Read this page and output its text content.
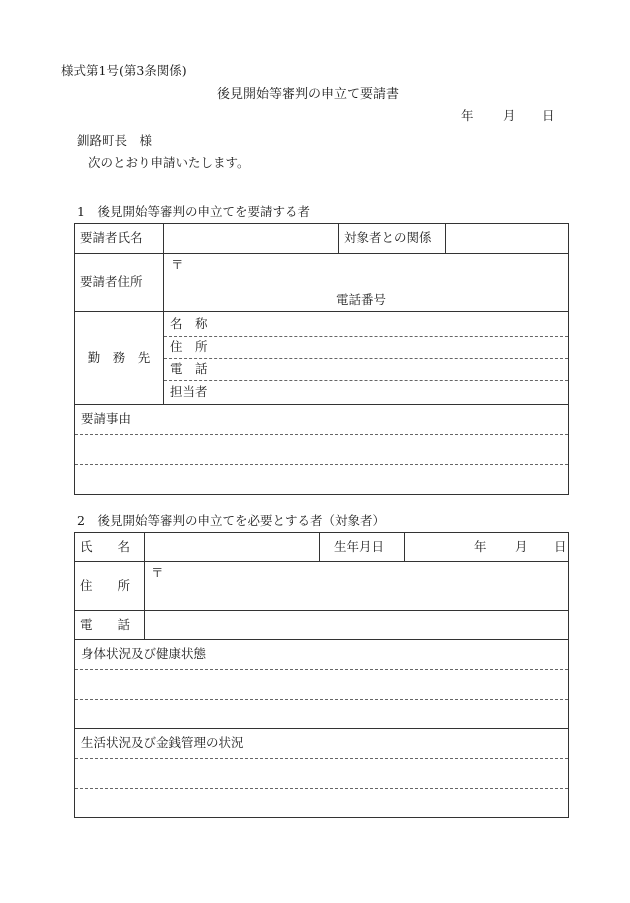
様式第1号(第3条関係)
後見開始等審判の申立て要請書
年 月 日
釧路町長　様
次のとおり申請いたします。
1　後見開始等審判の申立てを要請する者
要請者氏名		対象者との関係	
要請者住所	〒
電話番号		

勤　務　先	名　称
住　所
電　話
担当者		

要請事由			
2　後見開始等審判の申立てを必要とする者（対象者）
氏　　名		生年月日	年 月 日

住　　所	〒		

電　　話			

身体状況及び健康状態			

生活状況及び金銭管理の状況			
